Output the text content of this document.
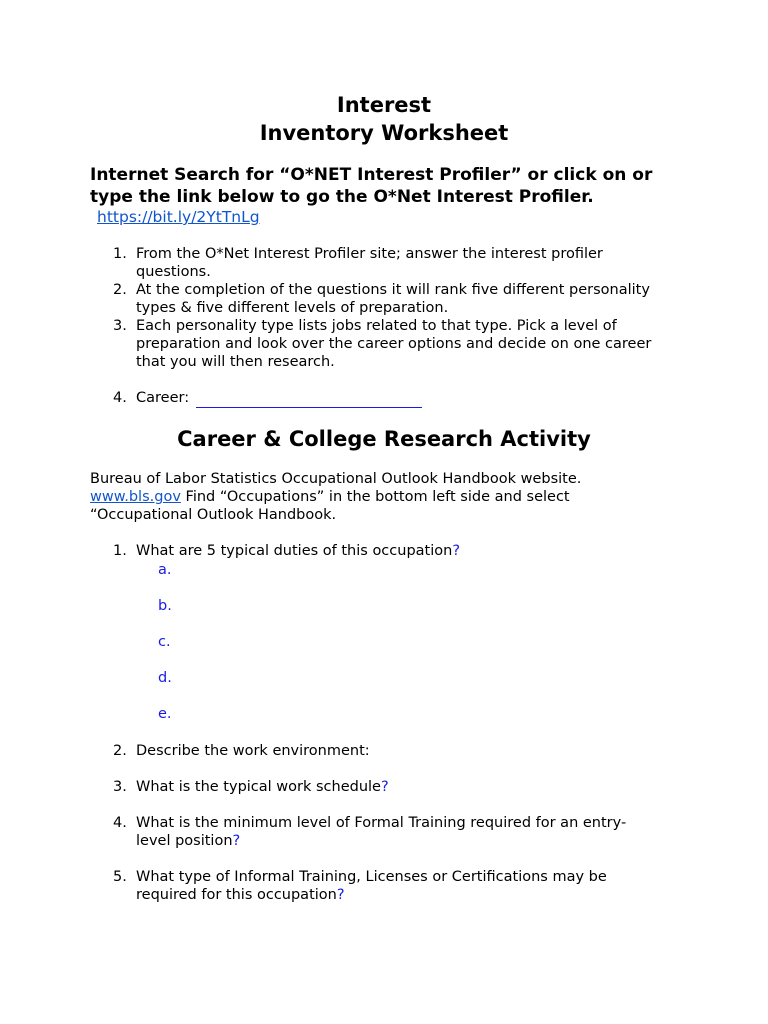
Interest
Inventory Worksheet
Internet Search for “O*NET Interest Profiler” or click on or
type the link below to go the O*Net Interest Profiler.
https://bit.ly/2YtTnLg
1. From the O*Net Interest Profiler site; answer the interest profiler
questions.
2. At the completion of the questions it will rank five different personality
types & five different levels of preparation.
3. Each personality type lists jobs related to that type. Pick a level of
preparation and look over the career options and decide on one career
that you will then research.
4. Career:
Career & College Research Activity
Bureau of Labor Statistics Occupational Outlook Handbook website.
www.bls.gov Find “Occupations” in the bottom left side and select
“Occupational Outlook Handbook.
1. What are 5 typical duties of this occupation?
a.
b.
c.
d.
e.
2. Describe the work environment:
3. What is the typical work schedule?
4. What is the minimum level of Formal Training required for an entry-
level position?
5. What type of Informal Training, Licenses or Certifications may be
required for this occupation?
